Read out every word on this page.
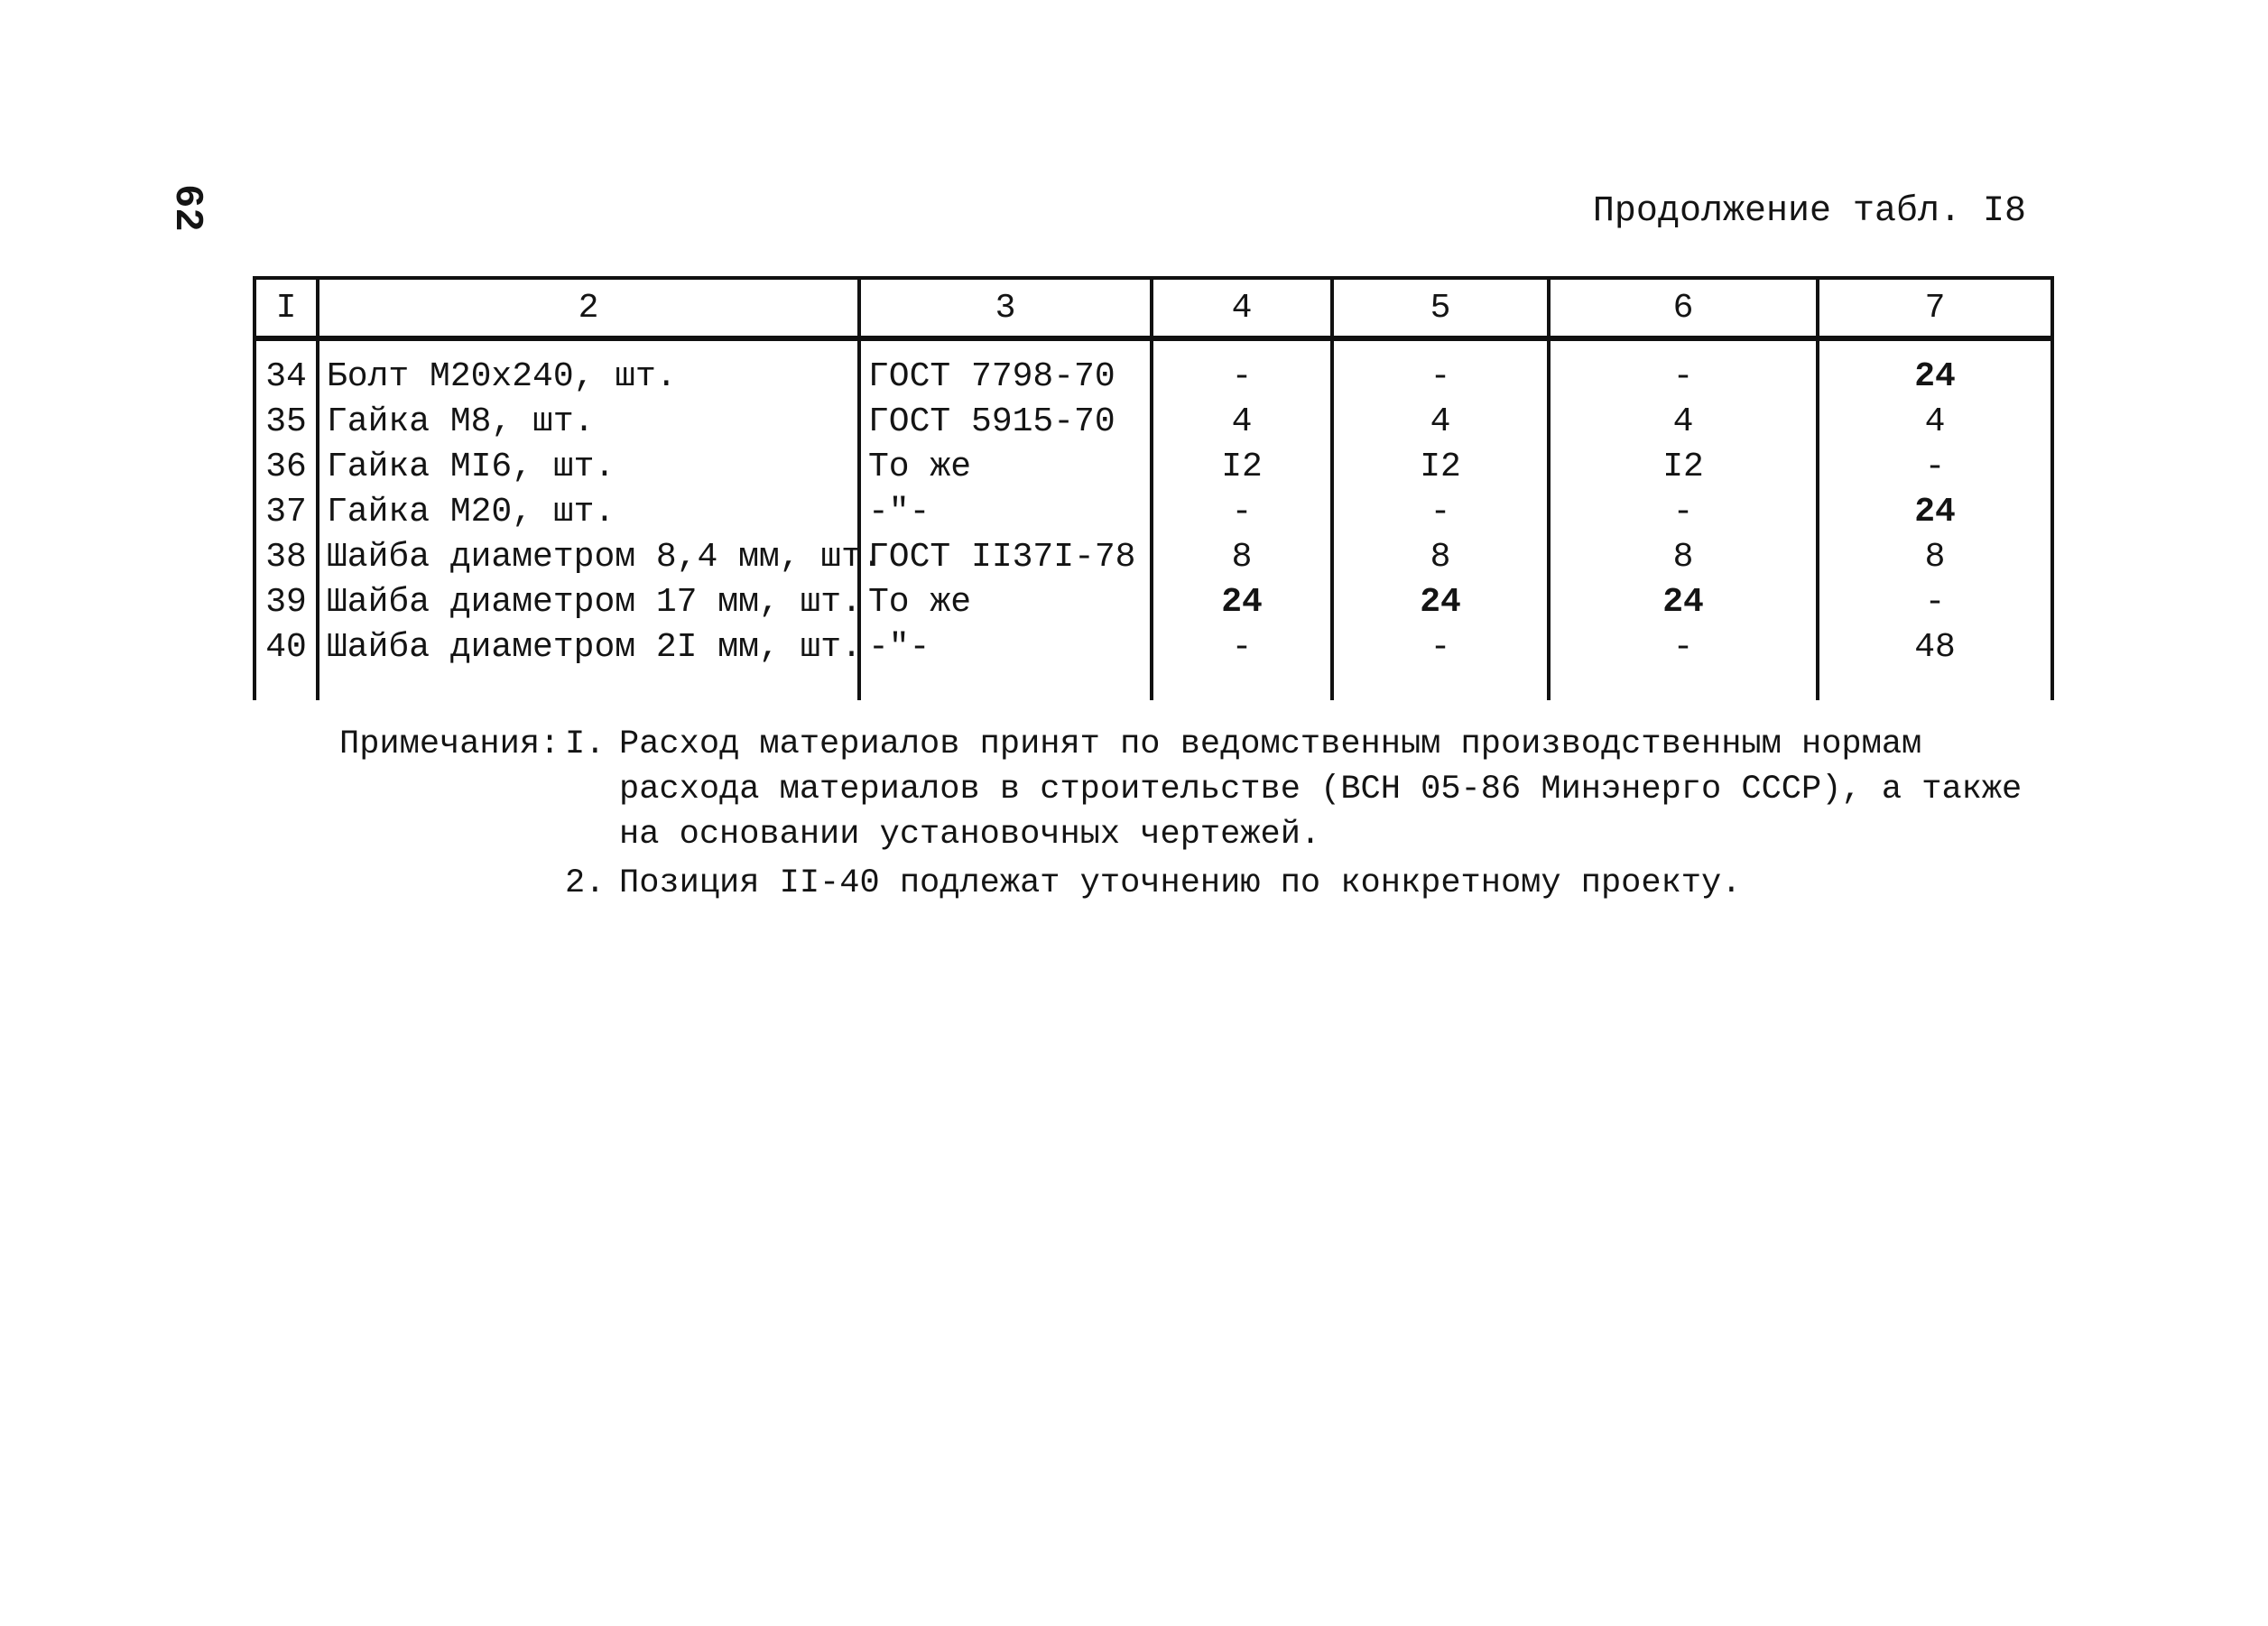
62	Продолжение табл. I8
I	2	3	4	5	6	7

34	Болт М20х240, шт.	ГОСТ 7798-70	-	-	-	24
35	Гайка М8, шт.	ГОСТ 5915-70	4	4	4	4
36	Гайка МI6, шт.	То же	I2	I2	I2	-
37	Гайка М20, шт.	-"-	-	-	-	24
38	Шайба диаметром 8,4 мм, шт.	ГОСТ II37I-78	8	8	8	8
39	Шайба диаметром 17 мм, шт.	То же	24	24	24	-
40	Шайба диаметром 2I мм, шт.	-"-	-	-	-	48

Примечания: I. Расход материалов принят по ведомственным производственным нормам расхода материалов в строительстве (ВСН 05-86 Минэнерго СССР), а также на основании установочных чертежей.
2. Позиция II-40 подлежат уточнению по конкретному проекту.
